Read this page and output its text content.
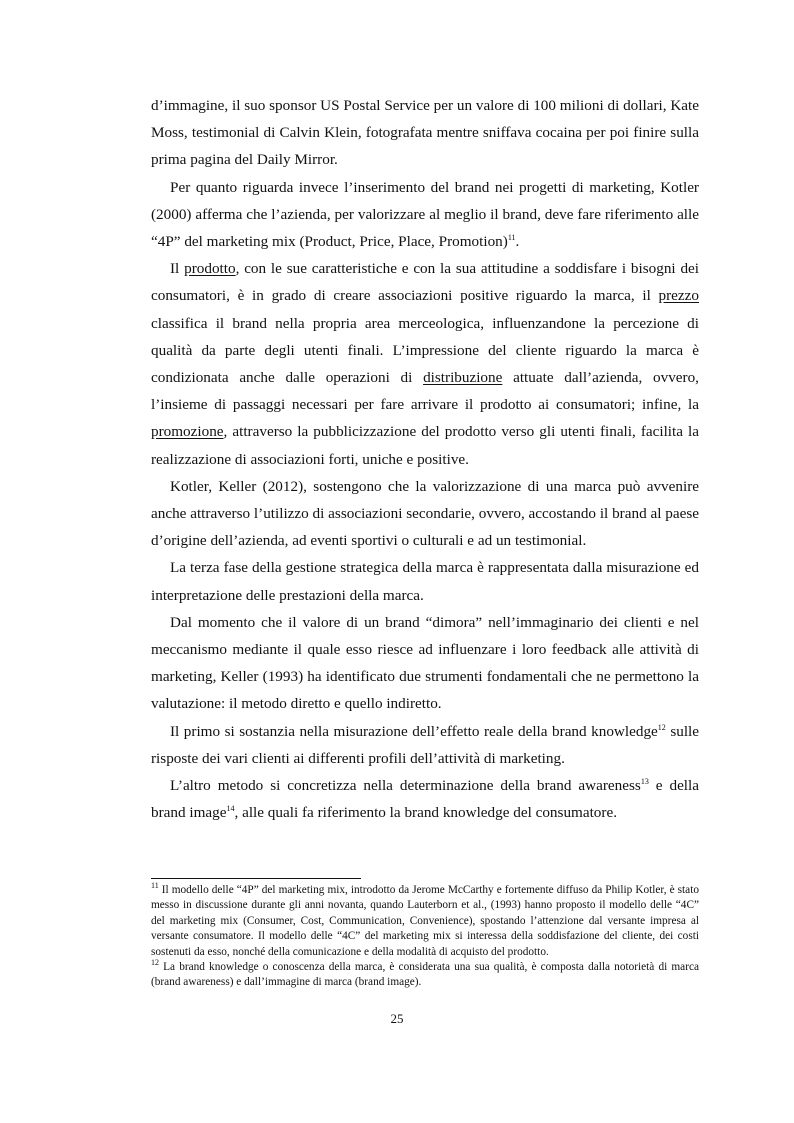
d’immagine, il suo sponsor US Postal Service per un valore di 100 milioni di dollari, Kate Moss, testimonial di Calvin Klein, fotografata mentre sniffava cocaina per poi finire sulla prima pagina del Daily Mirror.

Per quanto riguarda invece l’inserimento del brand nei progetti di marketing, Kotler (2000) afferma che l’azienda, per valorizzare al meglio il brand, deve fare riferimento alle “4P” del marketing mix (Product, Price, Place, Promotion)$^{11}$.

Il prodotto, con le sue caratteristiche e con la sua attitudine a soddisfare i bisogni dei consumatori, è in grado di creare associazioni positive riguardo la marca, il prezzo classifica il brand nella propria area merceologica, influenzandone la percezione di qualità da parte degli utenti finali. L’impressione del cliente riguardo la marca è condizionata anche dalle operazioni di distribuzione attuate dall’azienda, ovvero, l’insieme di passaggi necessari per fare arrivare il prodotto ai consumatori; infine, la promozione, attraverso la pubblicizzazione del prodotto verso gli utenti finali, facilita la realizzazione di associazioni forti, uniche e positive.

Kotler, Keller (2012), sostengono che la valorizzazione di una marca può avvenire anche attraverso l’utilizzo di associazioni secondarie, ovvero, accostando il brand al paese d’origine dell’azienda, ad eventi sportivi o culturali e ad un testimonial.

La terza fase della gestione strategica della marca è rappresentata dalla misurazione ed interpretazione delle prestazioni della marca.

Dal momento che il valore di un brand “dimora” nell’immaginario dei clienti e nel meccanismo mediante il quale esso riesce ad influenzare i loro feedback alle attività di marketing, Keller (1993) ha identificato due strumenti fondamentali che ne permettono la valutazione: il metodo diretto e quello indiretto.

Il primo si sostanzia nella misurazione dell’effetto reale della brand knowledge$^{12}$ sulle risposte dei vari clienti ai differenti profili dell’attività di marketing.

L’altro metodo si concretizza nella determinazione della brand awareness$^{13}$ e della brand image$^{14}$, alle quali fa riferimento la brand knowledge del consumatore.

$^{11}$ Il modello delle “4P” del marketing mix, introdotto da Jerome McCarthy e fortemente diffuso da Philip Kotler, è stato messo in discussione durante gli anni novanta, quando Lauterborn et al., (1993) hanno proposto il modello delle “4C” del marketing mix (Consumer, Cost, Communication, Convenience), spostando l’attenzione dal versante impresa al versante consumatore. Il modello delle “4C” del marketing mix si interessa della soddisfazione del cliente, dei costi sostenuti da esso, nonché della comunicazione e della modalità di acquisto del prodotto.

$^{12}$ La brand knowledge o conoscenza della marca, è considerata una sua qualità, è composta dalla notorietà di marca (brand awareness) e dall’immagine di marca (brand image).

25
